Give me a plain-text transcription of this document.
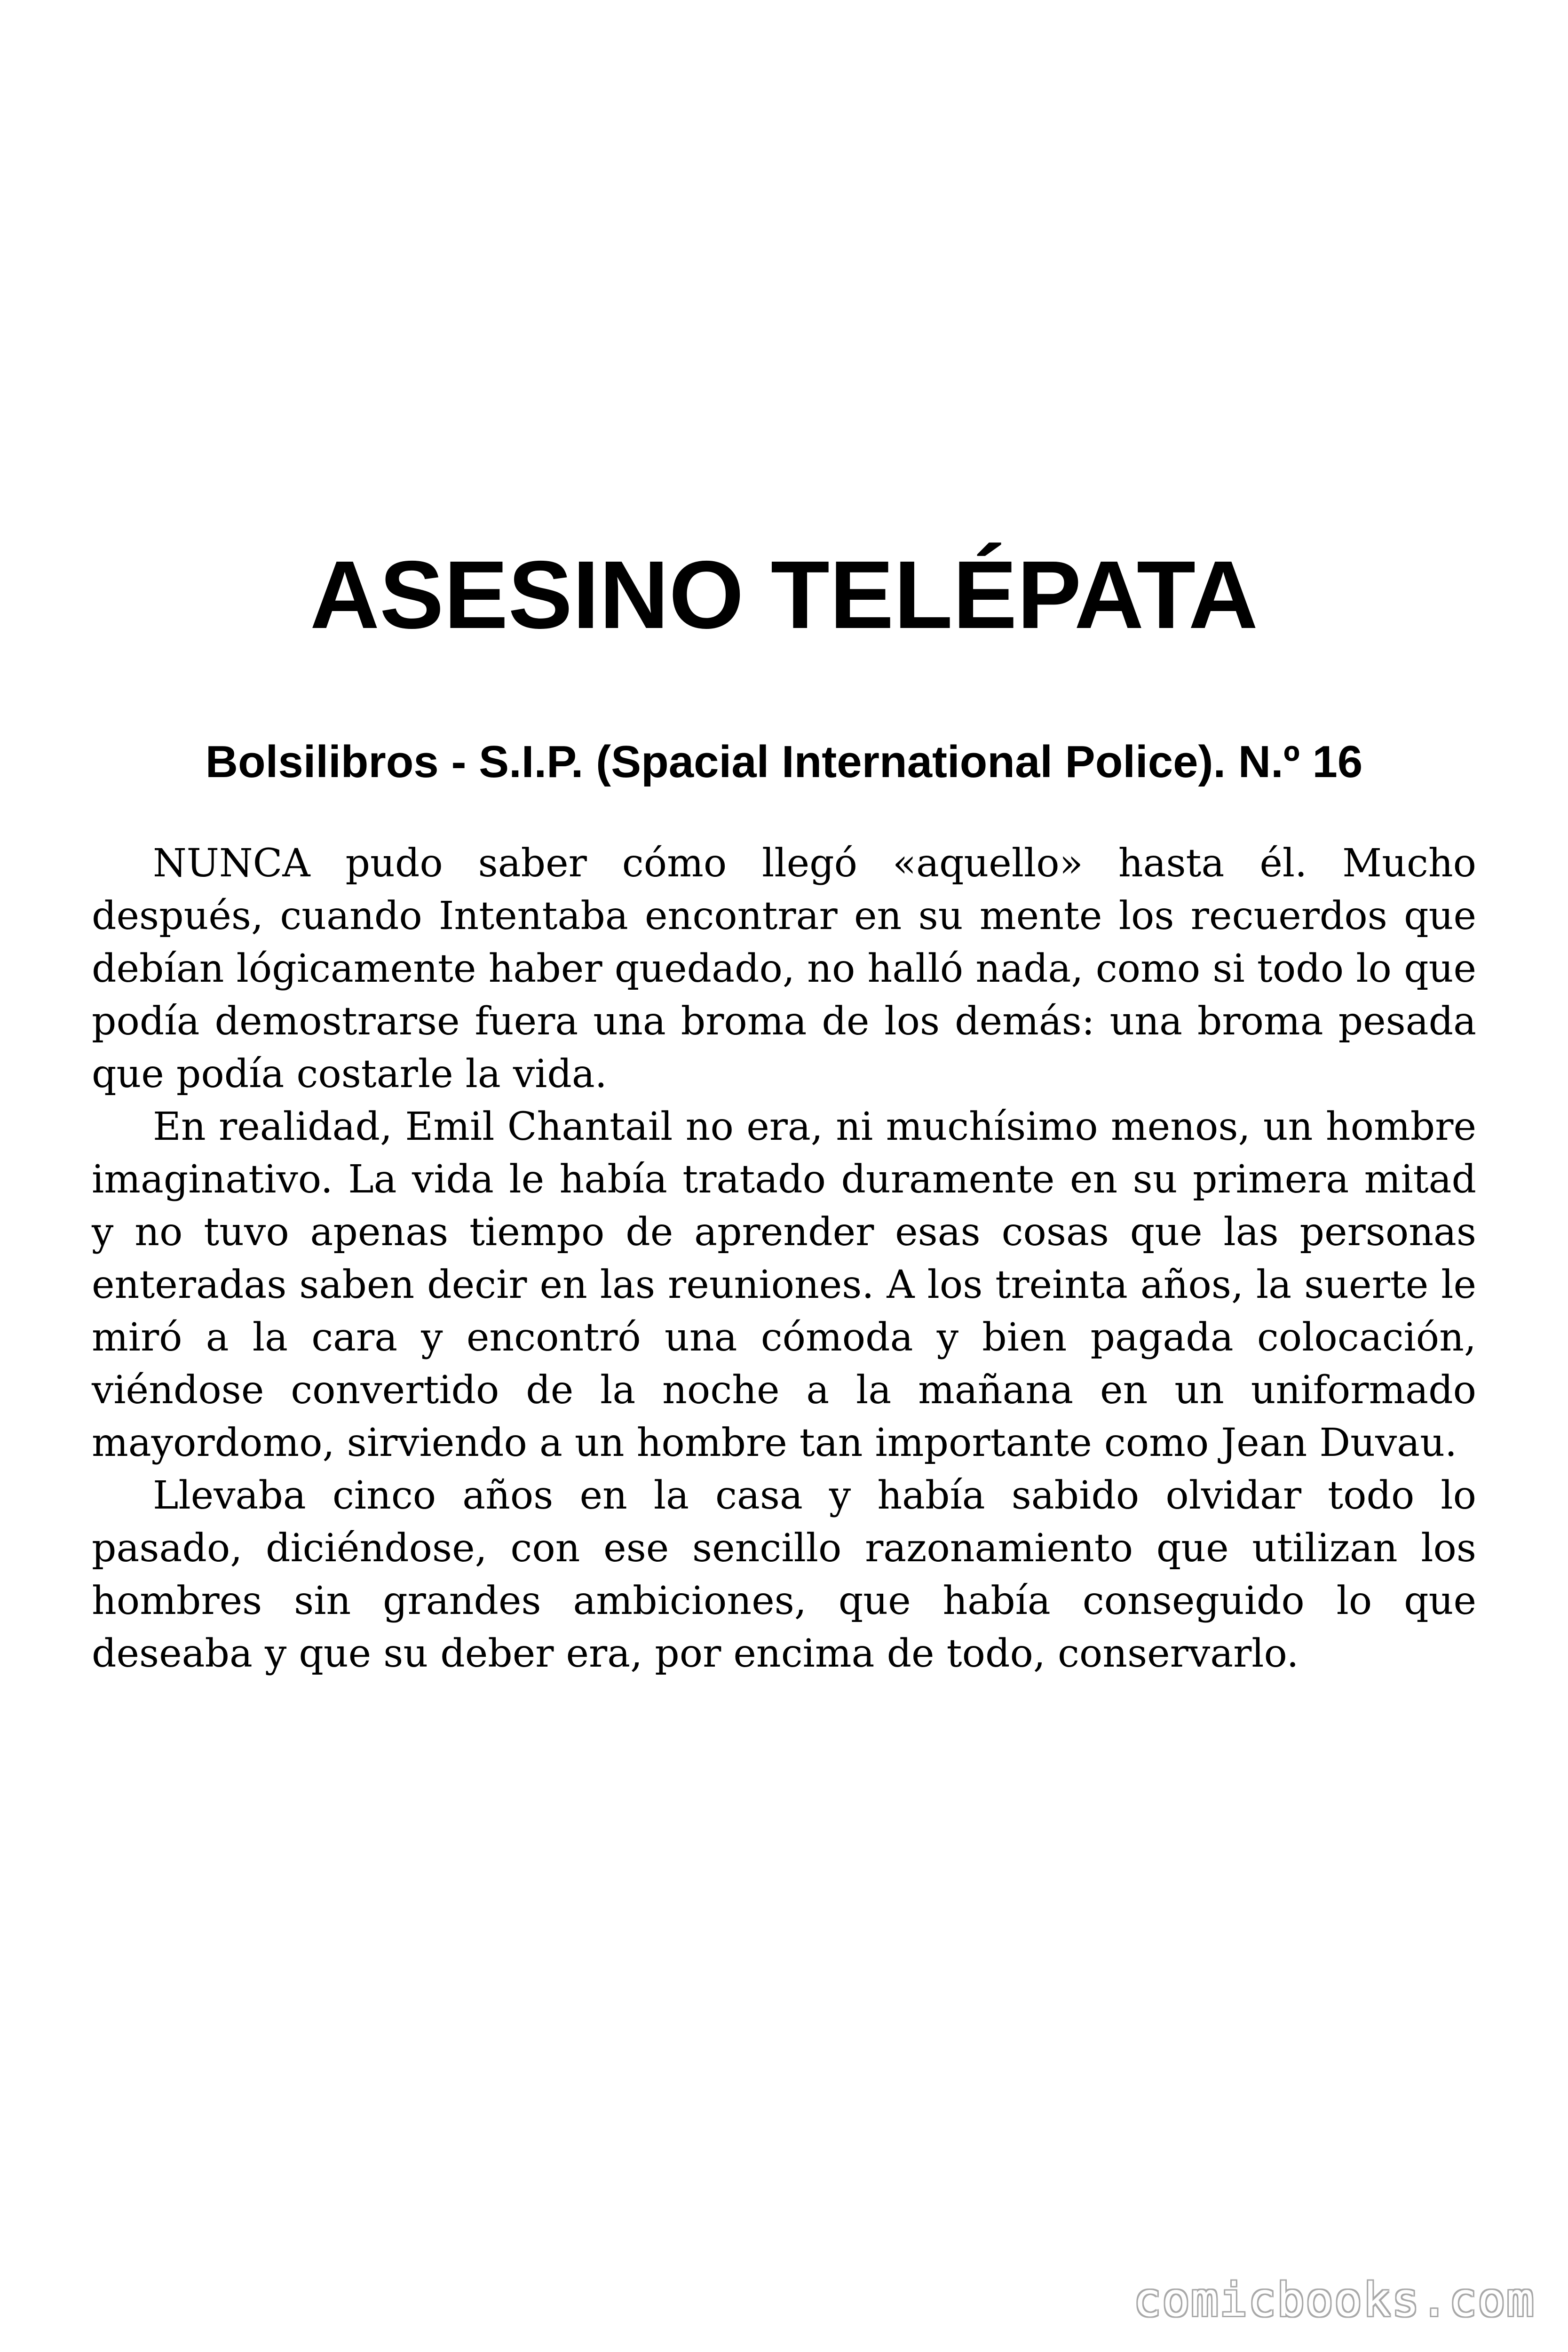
ASESINO TELÉPATA
Bolsilibros - S.I.P. (Spacial International Police). N.º 16

NUNCA pudo saber cómo llegó «aquello» hasta él. Mucho después, cuando Intentaba encontrar en su mente los recuerdos que debían lógicamente haber quedado, no halló nada, como si todo lo que podía demostrarse fuera una broma de los demás: una broma pesada que podía costarle la vida.

En realidad, Emil Chantail no era, ni muchísimo menos, un hombre imaginativo. La vida le había tratado duramente en su primera mitad y no tuvo apenas tiempo de aprender esas cosas que las personas enteradas saben decir en las reuniones. A los treinta años, la suerte le miró a la cara y encontró una cómoda y bien pagada colocación, viéndose convertido de la noche a la mañana en un uniformado mayordomo, sirviendo a un hombre tan importante como Jean Duvau.

Llevaba cinco años en la casa y había sabido olvidar todo lo pasado, diciéndose, con ese sencillo razonamiento que utilizan los hombres sin grandes ambiciones, que había conseguido lo que deseaba y que su deber era, por encima de todo, conservarlo.

comicbooks.com
